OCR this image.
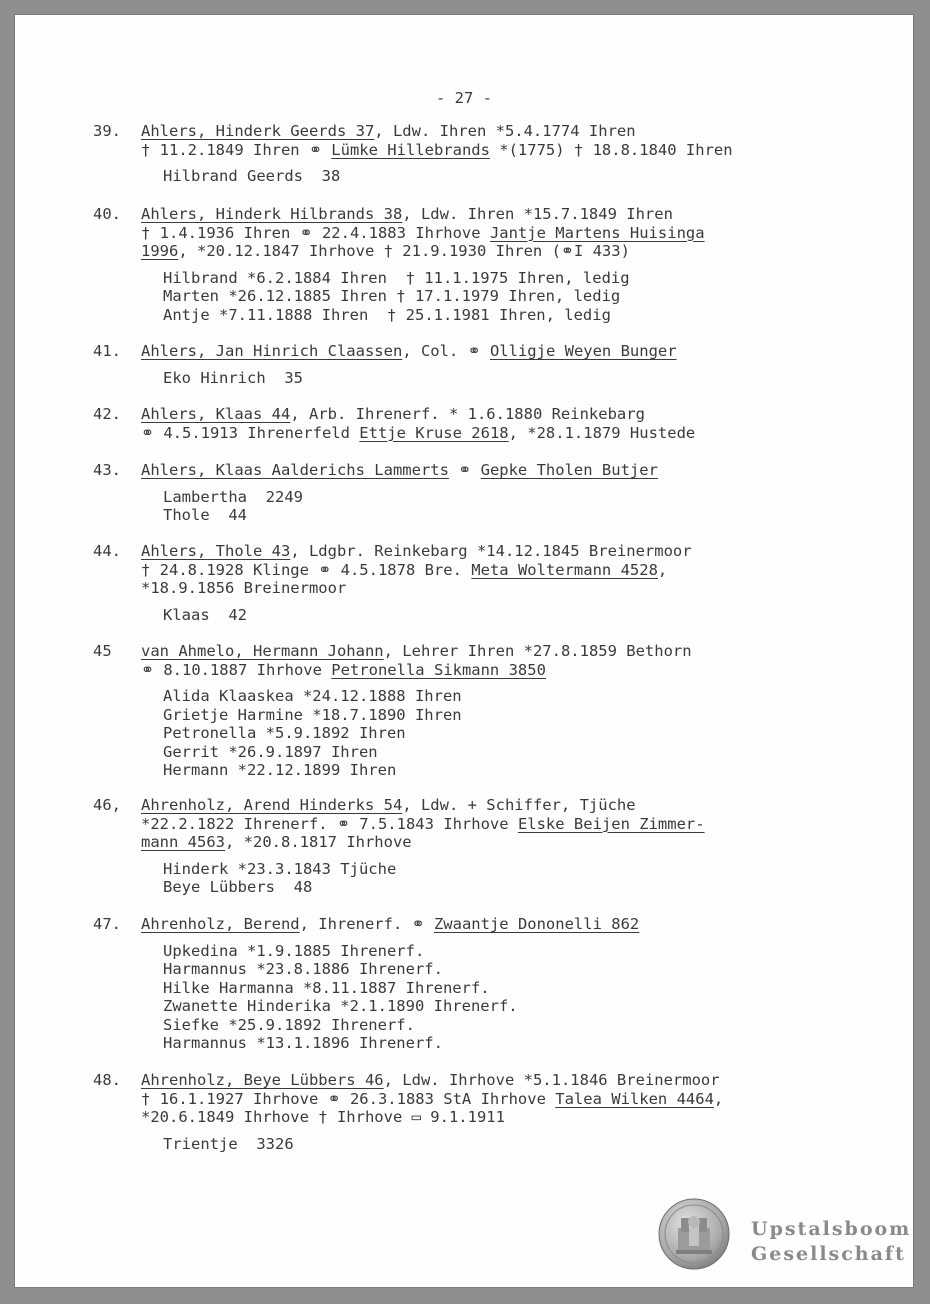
- 27 -
39.	Ahlers, Hinderk Geerds 37, Ldw. Ihren *5.4.1774 Ihren
† 11.2.1849 Ihren ⚭ Lümke Hillebrands *(1775) † 18.8.1840 Ihren
Hilbrand Geerds  38
40.	Ahlers, Hinderk Hilbrands 38, Ldw. Ihren *15.7.1849 Ihren
† 1.4.1936 Ihren ⚭ 22.4.1883 Ihrhove Jantje Martens Huisinga
1996, *20.12.1847 Ihrhove † 21.9.1930 Ihren (⚭I 433)
Hilbrand *6.2.1884 Ihren  † 11.1.1975 Ihren, ledig
Marten *26.12.1885 Ihren † 17.1.1979 Ihren, ledig
Antje *7.11.1888 Ihren  † 25.1.1981 Ihren, ledig
41.	Ahlers, Jan Hinrich Claassen, Col. ⚭ Olligje Weyen Bunger
Eko Hinrich  35
42.	Ahlers, Klaas 44, Arb. Ihrenerf. * 1.6.1880 Reinkebarg
⚭ 4.5.1913 Ihrenerfeld Ettje Kruse 2618, *28.1.1879 Hustede
43.	Ahlers, Klaas Aalderichs Lammerts ⚭ Gepke Tholen Butjer
Lambertha  2249
Thole  44
44.	Ahlers, Thole 43, Ldgbr. Reinkebarg *14.12.1845 Breinermoor
† 24.8.1928 Klinge ⚭ 4.5.1878 Bre. Meta Woltermann 4528,
*18.9.1856 Breinermoor
Klaas  42
45	van Ahmelo, Hermann Johann, Lehrer Ihren *27.8.1859 Bethorn
⚭ 8.10.1887 Ihrhove Petronella Sikmann 3850
Alida Klaaskea *24.12.1888 Ihren
Grietje Harmine *18.7.1890 Ihren
Petronella *5.9.1892 Ihren
Gerrit *26.9.1897 Ihren
Hermann *22.12.1899 Ihren
46,	Ahrenholz, Arend Hinderks 54, Ldw. + Schiffer, Tjüche
*22.2.1822 Ihrenerf. ⚭ 7.5.1843 Ihrhove Elske Beijen Zimmer-
mann 4563, *20.8.1817 Ihrhove
Hinderk *23.3.1843 Tjüche
Beye Lübbers  48
47.	Ahrenholz, Berend, Ihrenerf. ⚭ Zwaantje Dononelli 862
Upkedina *1.9.1885 Ihrenerf.
Harmannus *23.8.1886 Ihrenerf.
Hilke Harmanna *8.11.1887 Ihrenerf.
Zwanette Hinderika *2.1.1890 Ihrenerf.
Siefke *25.9.1892 Ihrenerf.
Harmannus *13.1.1896 Ihrenerf.
48.	Ahrenholz, Beye Lübbers 46, Ldw. Ihrhove *5.1.1846 Breinermoor
† 16.1.1927 Ihrhove ⚭ 26.3.1883 StA Ihrhove Talea Wilken 4464,
*20.6.1849 Ihrhove † Ihrhove ▭ 9.1.1911
Trientje  3326
Upstalsboom
Gesellschaft
